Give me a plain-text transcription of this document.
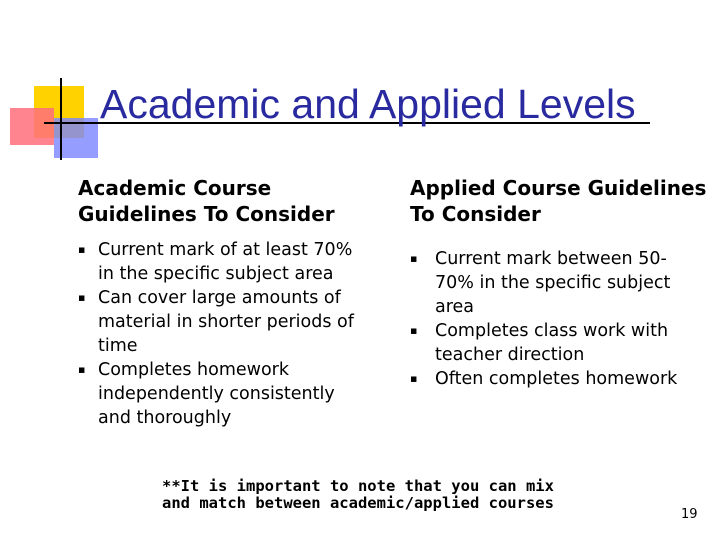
Academic and Applied Levels
Academic Course Guidelines To Consider
▪ Current mark of at least 70% in the specific subject area
▪ Can cover large amounts of material in shorter periods of time
▪ Completes homework independently consistently and thoroughly
Applied Course Guidelines To Consider
▪ Current mark between 50-70% in the specific subject area
▪ Completes class work with teacher direction
▪ Often completes homework

**It is important to note that you can mix and match between academic/applied courses

19
